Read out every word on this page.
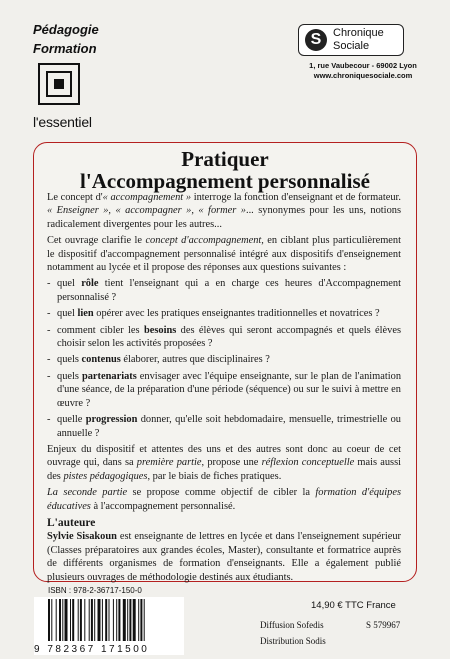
Pédagogie
Formation
l'essentiel
S	Chronique
Sociale
1, rue Vaubecour - 69002 Lyon
www.chroniquesociale.com
Pratiquer
l'Accompagnement personnalisé

Le concept d'« accompagnement » interroge la fonction d'enseignant et de formateur. « Enseigner », « accompagner », « former »... synonymes pour les uns, notions radicalement divergentes pour les autres...

Cet ouvrage clarifie le concept d'accompagnement, en ciblant plus particulièrement le dispositif d'accompagnement personnalisé intégré aux dispositifs d'enseignement notamment au lycée et il propose des réponses aux questions suivantes :

- quel rôle tient l'enseignant qui a en charge ces heures d'Accompagnement personnalisé ?
- quel lien opérer avec les pratiques enseignantes traditionnelles et novatrices ?
- comment cibler les besoins des élèves qui seront accompagnés et quels élèves choisir selon les activités proposées ?
- quels contenus élaborer, autres que disciplinaires ?
- quels partenariats envisager avec l'équipe enseignante, sur le plan de l'animation d'une séance, de la préparation d'une période (séquence) ou sur le suivi à mettre en œuvre ?
- quelle progression donner, qu'elle soit hebdomadaire, mensuelle, trimestrielle ou annuelle ?

Enjeux du dispositif et attentes des uns et des autres sont donc au coeur de cet ouvrage qui, dans sa première partie, propose une réflexion conceptuelle mais aussi des pistes pédagogiques, par le biais de fiches pratiques.

La seconde partie se propose comme objectif de cibler la formation d'équipes éducatives à l'accompagnement personnalisé.

L'auteure

Sylvie Sisakoun est enseignante de lettres en lycée et dans l'enseignement supérieur (Classes préparatoires aux grandes écoles, Master), consultante et formatrice auprès de différents organismes de formation d'enseignants. Elle a également publié plusieurs ouvrages de méthodologie destinés aux étudiants.

ISBN : 978-2-36717-150-0
9 782367 171500
14,90 € TTC France
Diffusion Sofedis
Distribution Sodis
S 579967
